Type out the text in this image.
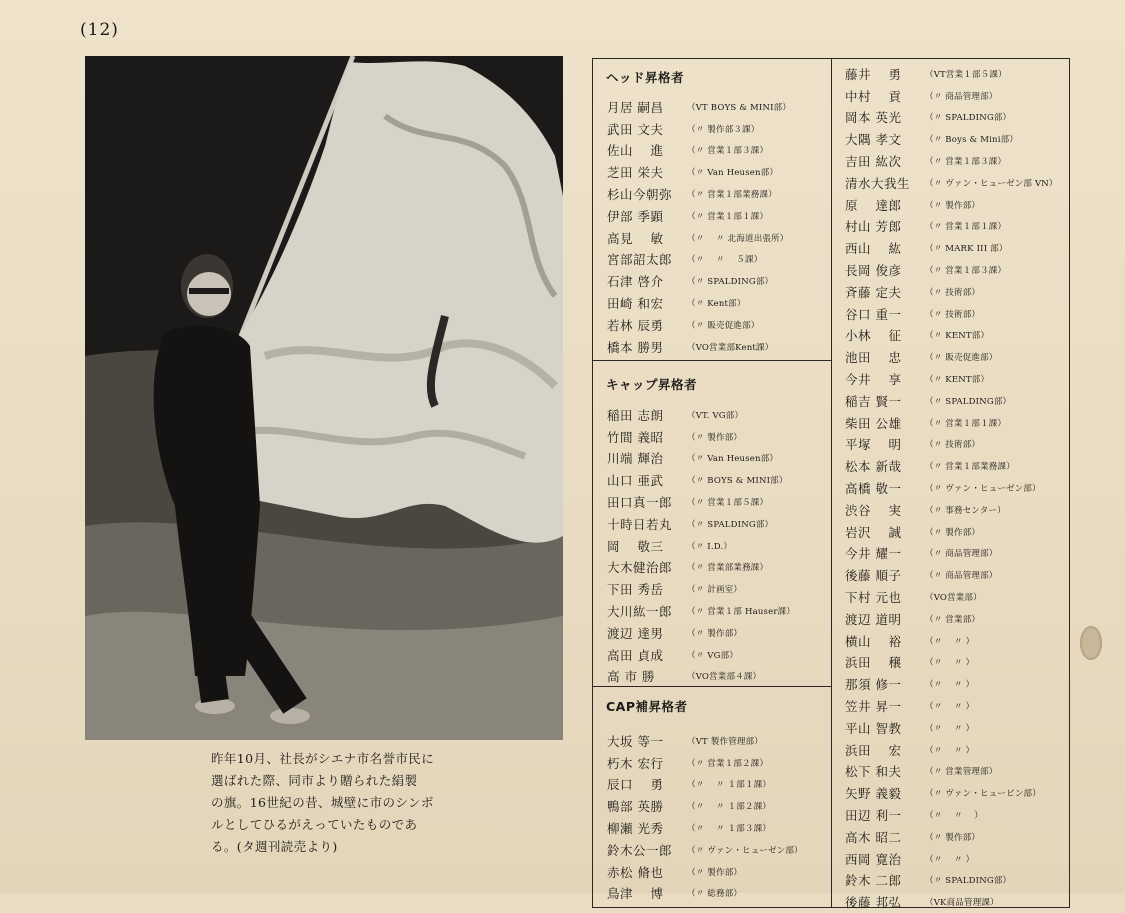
(12)
昨年10月、社長がシエナ市名誉市民に
選ばれた際、同市より贈られた絹製
の旗。16世紀の昔、城壁に市のシンボ
ルとしてひるがえっていたものであ
る。(タ週刊読売より)
ヘッド昇格者
月居 嗣昌	（VT BOYS & MINI部）
武田 文夫	（〃 製作部３課）
佐山 　進	（〃 営業１部３課）
芝田 栄夫	（〃 Van Heusen部）
杉山今朝弥	（〃 営業１部業務課）
伊部 季顕	（〃 営業１部１課）
高見 　敏	（〃 　〃 北海道出張所）
宮部詔太郎	（〃 　〃 　５課）
石津 啓介	（〃 SPALDING部）
田崎 和宏	（〃 Kent部）
若林 辰勇	（〃 販売促進部）
橋本 勝男	（VO営業部Kent課）
キャップ昇格者
稲田 志朗	（VT. VG部）
竹間 義昭	（〃 製作部）
川端 輝治	（〃 Van Heusen部）
山口 亜武	（〃 BOYS & MINI部）
田口真一郎	（〃 営業１部５課）
十時日若丸	（〃 SPALDING部）
岡 　敬三	（〃 I.D.）
大木健治郎	（〃 営業部業務課）
下田 秀岳	（〃 計画室）
大川紘一郎	（〃 営業１部 Hauser課）
渡辺 達男	（〃 製作部）
高田 貞成	（〃 VG部）
高 市 勝	（VO営業部４課）
CAP補昇格者
大坂 等一	（VT 製作管理部）
朽木 宏行	（〃 営業１部２課）
辰口 　勇	（〃 　〃 １部１課）
鴨部 英勝	（〃 　〃 １部２課）
柳瀬 光秀	（〃 　〃 １部３課）
鈴木公一郎	（〃 ヴァン・ヒューゼン部）
赤松 脩也	（〃 製作部）
鳥津 　博	（〃 総務部）
藤井 　勇	（VT営業１部５課）
中村 　貢	（〃 商品管理部）
岡本 英光	（〃 SPALDING部）
大隅 孝文	（〃 Boys & Mini部）
吉田 紘次	（〃 営業１部３課）
清水大我生	（〃 ヴァン・ヒューゼン部 VN）
原 　達郎	（〃 製作部）
村山 芳郎	（〃 営業１部１課）
西山 　紘	（〃 MARK III 部）
長岡 俊彦	（〃 営業１部３課）
斉藤 定夫	（〃 技術部）
谷口 重一	（〃 技術部）
小林 　征	（〃 KENT部）
池田 　忠	（〃 販売促進部）
今井 　享	（〃 KENT部）
稲吉 賢一	（〃 SPALDING部）
柴田 公雄	（〃 営業１部１課）
平塚 　明	（〃 技術部）
松本 新哉	（〃 営業１部業務課）
高橋 敬一	（〃 ヴァン・ヒューゼン部）
渋谷 　実	（〃 事務センター）
岩沢 　誠	（〃 製作部）
今井 耀一	（〃 商品管理部）
後藤 順子	（〃 商品管理部）
下村 元也	（VO営業部）
渡辺 道明	（〃 営業部）
横山 　裕	（〃 　〃 ）
浜田 　穣	（〃 　〃 ）
那須 修一	（〃 　〃 ）
笠井 昇一	（〃 　〃 ）
平山 智教	（〃 　〃 ）
浜田 　宏	（〃 　〃 ）
松下 和夫	（〃 営業管理部）
矢野 義毅	（〃 ヴァン・ヒュービン部）
田辺 利一	（〃 　〃 　）
高木 昭二	（〃 製作部）
西岡 寛治	（〃 　〃 ）
鈴木 二郎	（〃 SPALDING部）
後藤 邦弘	（VK商品管理課）
